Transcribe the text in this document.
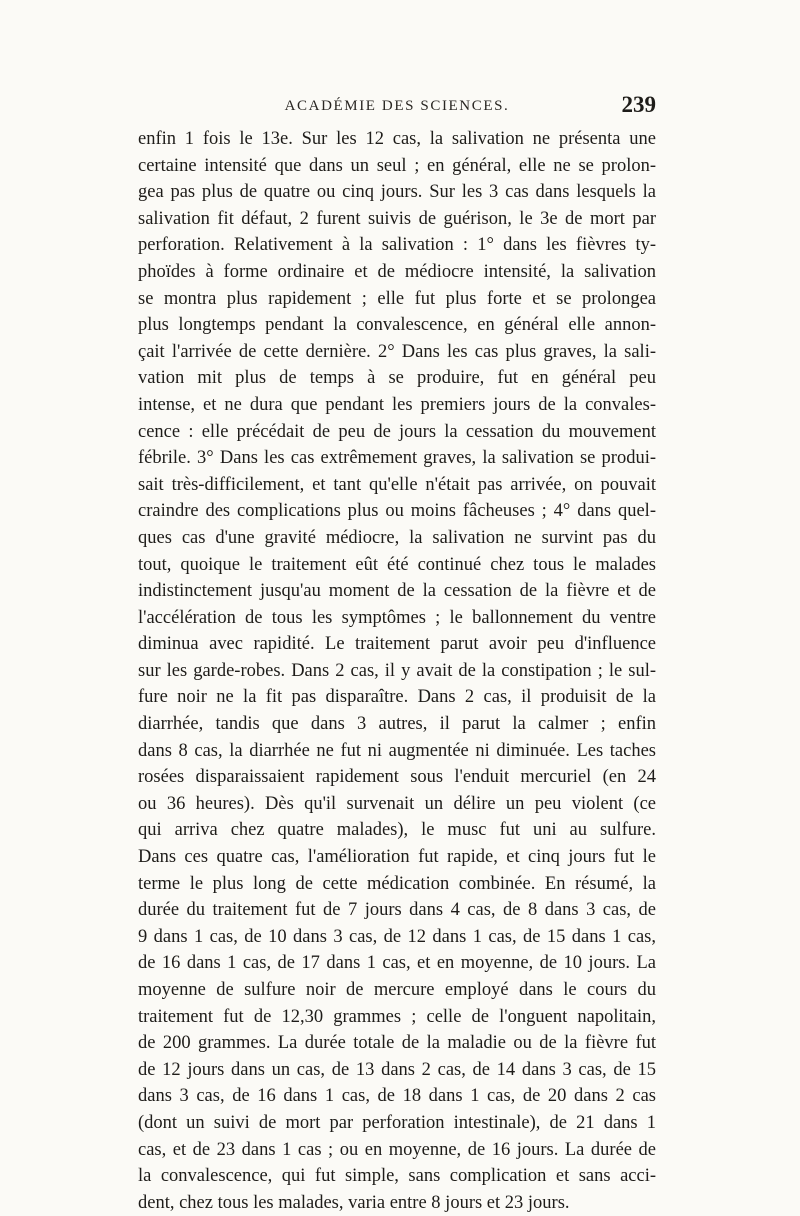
ACADÉMIE DES SCIENCES.	239
enfin 1 fois le 13e. Sur les 12 cas, la salivation ne présenta une
certaine intensité que dans un seul ; en général, elle ne se prolon-
gea pas plus de quatre ou cinq jours. Sur les 3 cas dans lesquels la
salivation fit défaut, 2 furent suivis de guérison, le 3e de mort par
perforation. Relativement à la salivation : 1° dans les fièvres ty-
phoïdes à forme ordinaire et de médiocre intensité, la salivation
se montra plus rapidement ; elle fut plus forte et se prolongea
plus longtemps pendant la convalescence, en général elle annon-
çait l'arrivée de cette dernière. 2° Dans les cas plus graves, la sali-
vation mit plus de temps à se produire, fut en général peu
intense, et ne dura que pendant les premiers jours de la convales-
cence : elle précédait de peu de jours la cessation du mouvement
fébrile. 3° Dans les cas extrêmement graves, la salivation se produi-
sait très-difficilement, et tant qu'elle n'était pas arrivée, on pouvait
craindre des complications plus ou moins fâcheuses ; 4° dans quel-
ques cas d'une gravité médiocre, la salivation ne survint pas du
tout, quoique le traitement eût été continué chez tous le malades
indistinctement jusqu'au moment de la cessation de la fièvre et de
l'accélération de tous les symptômes ; le ballonnement du ventre
diminua avec rapidité. Le traitement parut avoir peu d'influence
sur les garde-robes. Dans 2 cas, il y avait de la constipation ; le sul-
fure noir ne la fit pas disparaître. Dans 2 cas, il produisit de la
diarrhée, tandis que dans 3 autres, il parut la calmer ; enfin
dans 8 cas, la diarrhée ne fut ni augmentée ni diminuée. Les taches
rosées disparaissaient rapidement sous l'enduit mercuriel (en 24
ou 36 heures). Dès qu'il survenait un délire un peu violent (ce
qui arriva chez quatre malades), le musc fut uni au sulfure.
Dans ces quatre cas, l'amélioration fut rapide, et cinq jours fut le
terme le plus long de cette médication combinée. En résumé, la
durée du traitement fut de 7 jours dans 4 cas, de 8 dans 3 cas, de
9 dans 1 cas, de 10 dans 3 cas, de 12 dans 1 cas, de 15 dans 1 cas,
de 16 dans 1 cas, de 17 dans 1 cas, et en moyenne, de 10 jours. La
moyenne de sulfure noir de mercure employé dans le cours du
traitement fut de 12,30 grammes ; celle de l'onguent napolitain,
de 200 grammes. La durée totale de la maladie ou de la fièvre fut
de 12 jours dans un cas, de 13 dans 2 cas, de 14 dans 3 cas, de 15
dans 3 cas, de 16 dans 1 cas, de 18 dans 1 cas, de 20 dans 2 cas
(dont un suivi de mort par perforation intestinale), de 21 dans 1
cas, et de 23 dans 1 cas ; ou en moyenne, de 16 jours. La durée de
la convalescence, qui fut simple, sans complication et sans acci-
dent, chez tous les malades, varia entre 8 jours et 23 jours.
